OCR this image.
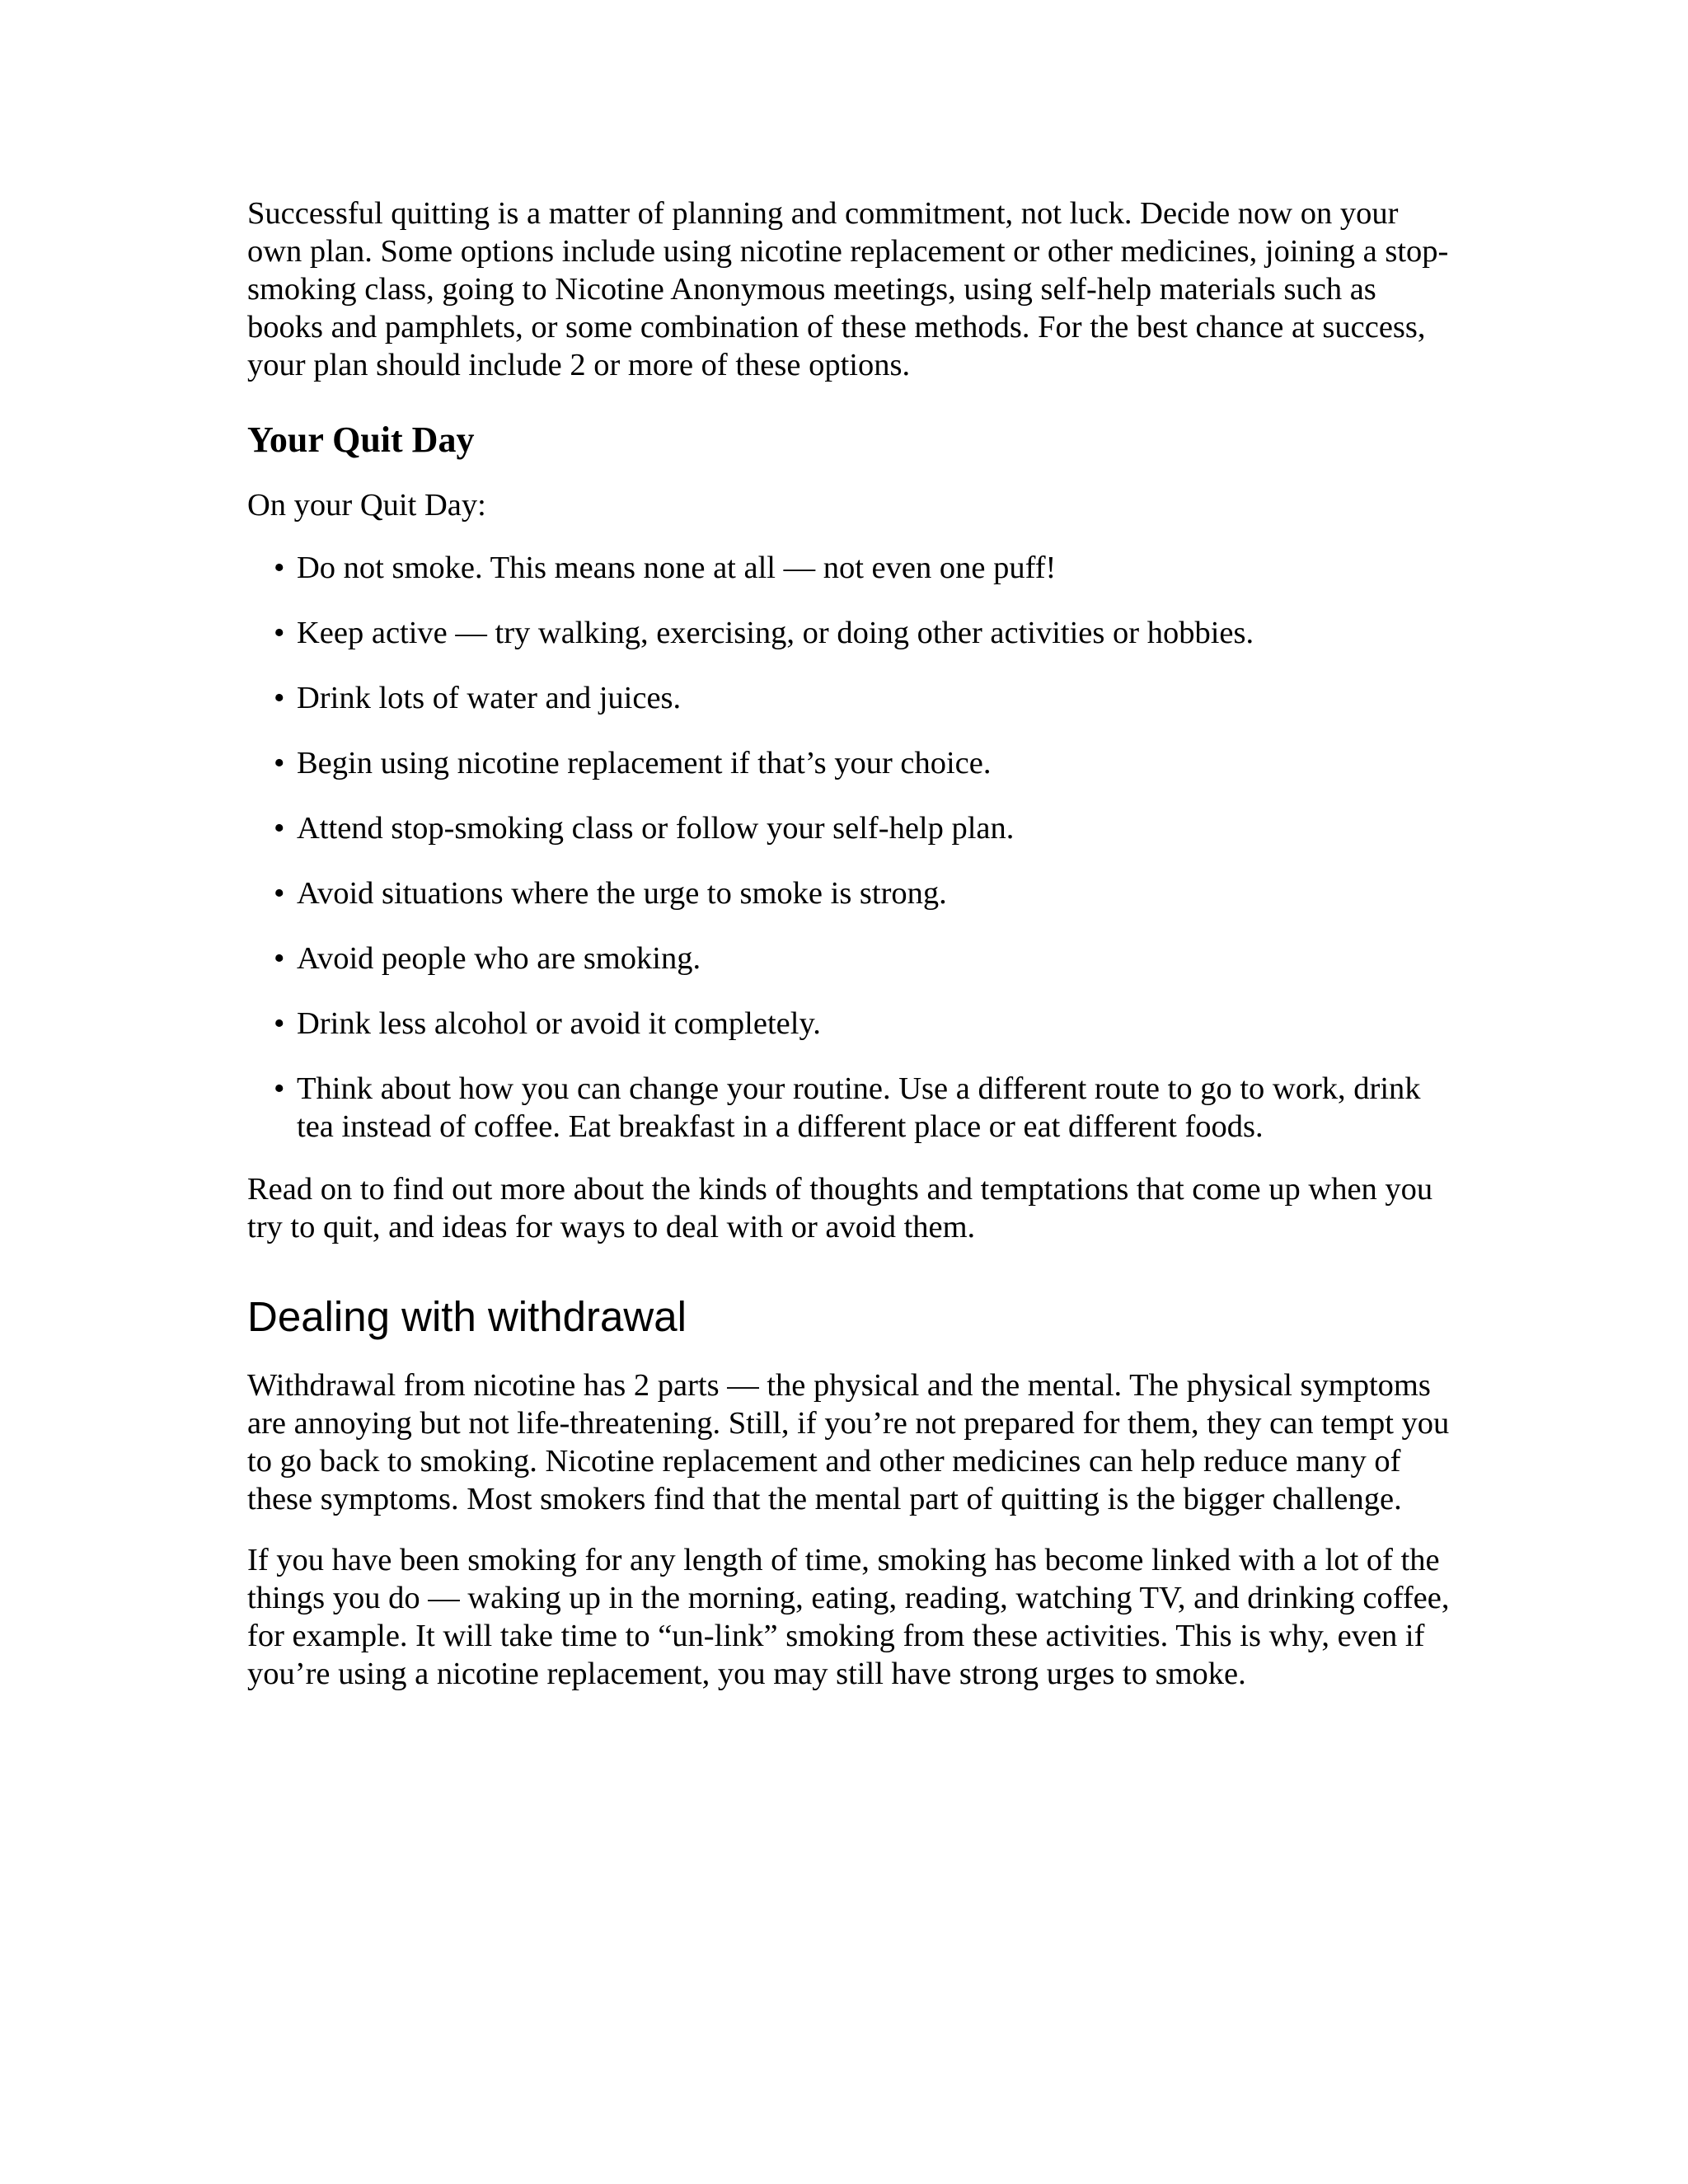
Successful quitting is a matter of planning and commitment, not luck. Decide now on your own plan. Some options include using nicotine replacement or other medicines, joining a stop-smoking class, going to Nicotine Anonymous meetings, using self-help materials such as books and pamphlets, or some combination of these methods. For the best chance at success, your plan should include 2 or more of these options.

Your Quit Day

On your Quit Day:

• Do not smoke. This means none at all — not even one puff!
• Keep active — try walking, exercising, or doing other activities or hobbies.
• Drink lots of water and juices.
• Begin using nicotine replacement if that’s your choice.
• Attend stop-smoking class or follow your self-help plan.
• Avoid situations where the urge to smoke is strong.
• Avoid people who are smoking.
• Drink less alcohol or avoid it completely.
• Think about how you can change your routine. Use a different route to go to work, drink tea instead of coffee. Eat breakfast in a different place or eat different foods.

Read on to find out more about the kinds of thoughts and temptations that come up when you try to quit, and ideas for ways to deal with or avoid them.

Dealing with withdrawal

Withdrawal from nicotine has 2 parts — the physical and the mental. The physical symptoms are annoying but not life-threatening. Still, if you’re not prepared for them, they can tempt you to go back to smoking. Nicotine replacement and other medicines can help reduce many of these symptoms. Most smokers find that the mental part of quitting is the bigger challenge.

If you have been smoking for any length of time, smoking has become linked with a lot of the things you do — waking up in the morning, eating, reading, watching TV, and drinking coffee, for example. It will take time to “un-link” smoking from these activities. This is why, even if you’re using a nicotine replacement, you may still have strong urges to smoke.
